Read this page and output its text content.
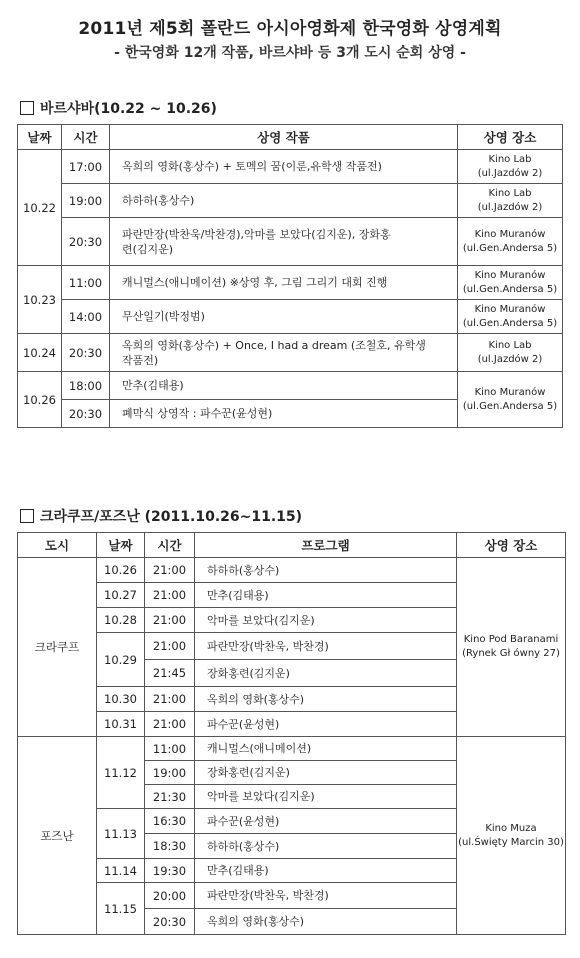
2011년 제5회 폴란드 아시아영화제 한국영화 상영계획
- 한국영화 12개 작품, 바르샤바 등 3개 도시 순회 상영 -
바르샤바(10.22 ~ 10.26)
날짜	시간	상영 작품	상영 장소
10.22	17:00	옥희의 영화(홍상수) + 토멕의 꿈(이룬,유학생 작품전)	Kino Lab
(ul.Jazdów 2)
	19:00	하하하(홍상수)	Kino Lab
(ul.Jazdów 2)
	20:30	파란만장(박찬욱/박찬경),악마를 보았다(김지운), 장화홍련(김지운)	Kino Muranów
(ul.Gen.Andersa 5)
10.23	11:00	캐니멀스(애니메이션) ※상영 후, 그림 그리기 대회 진행	Kino Muranów
(ul.Gen.Andersa 5)
	14:00	무산일기(박정범)	Kino Muranów
(ul.Gen.Andersa 5)
10.24	20:30	옥희의 영화(홍상수) + Once, I had a dream (조철호, 유학생 작품전)	Kino Lab
(ul.Jazdów 2)
10.26	18:00	만추(김태용)	Kino Muranów
(ul.Gen.Andersa 5)
	20:30	폐막식 상영작 : 파수꾼(윤성현)	
크라쿠프/포즈난 (2011.10.26~11.15)
도시	날짜	시간	프로그램	상영 장소
크라쿠프	10.26	21:00	하하하(홍상수)	Kino Pod Baranami
(Rynek Gł ówny 27)
	10.27	21:00	만추(김태용)	
	10.28	21:00	악마를 보았다(김지운)	
	10.29	21:00	파란만장(박찬욱, 박찬경)	
		21:45	장화홍련(김지운)	
	10.30	21:00	옥희의 영화(홍상수)	
	10.31	21:00	파수꾼(윤성현)	
포즈난	11.12	11:00	캐니멀스(애니메이션)	Kino Muza
(ul.Święty Marcin 30)
		19:00	장화홍련(김지운)	
		21:30	악마를 보았다(김지운)	
	11.13	16:30	파수꾼(윤성현)	
		18:30	하하하(홍상수)	
	11.14	19:30	만추(김태용)	
	11.15	20:00	파란만장(박찬욱, 박찬경)	
		20:30	옥희의 영화(홍상수)	
